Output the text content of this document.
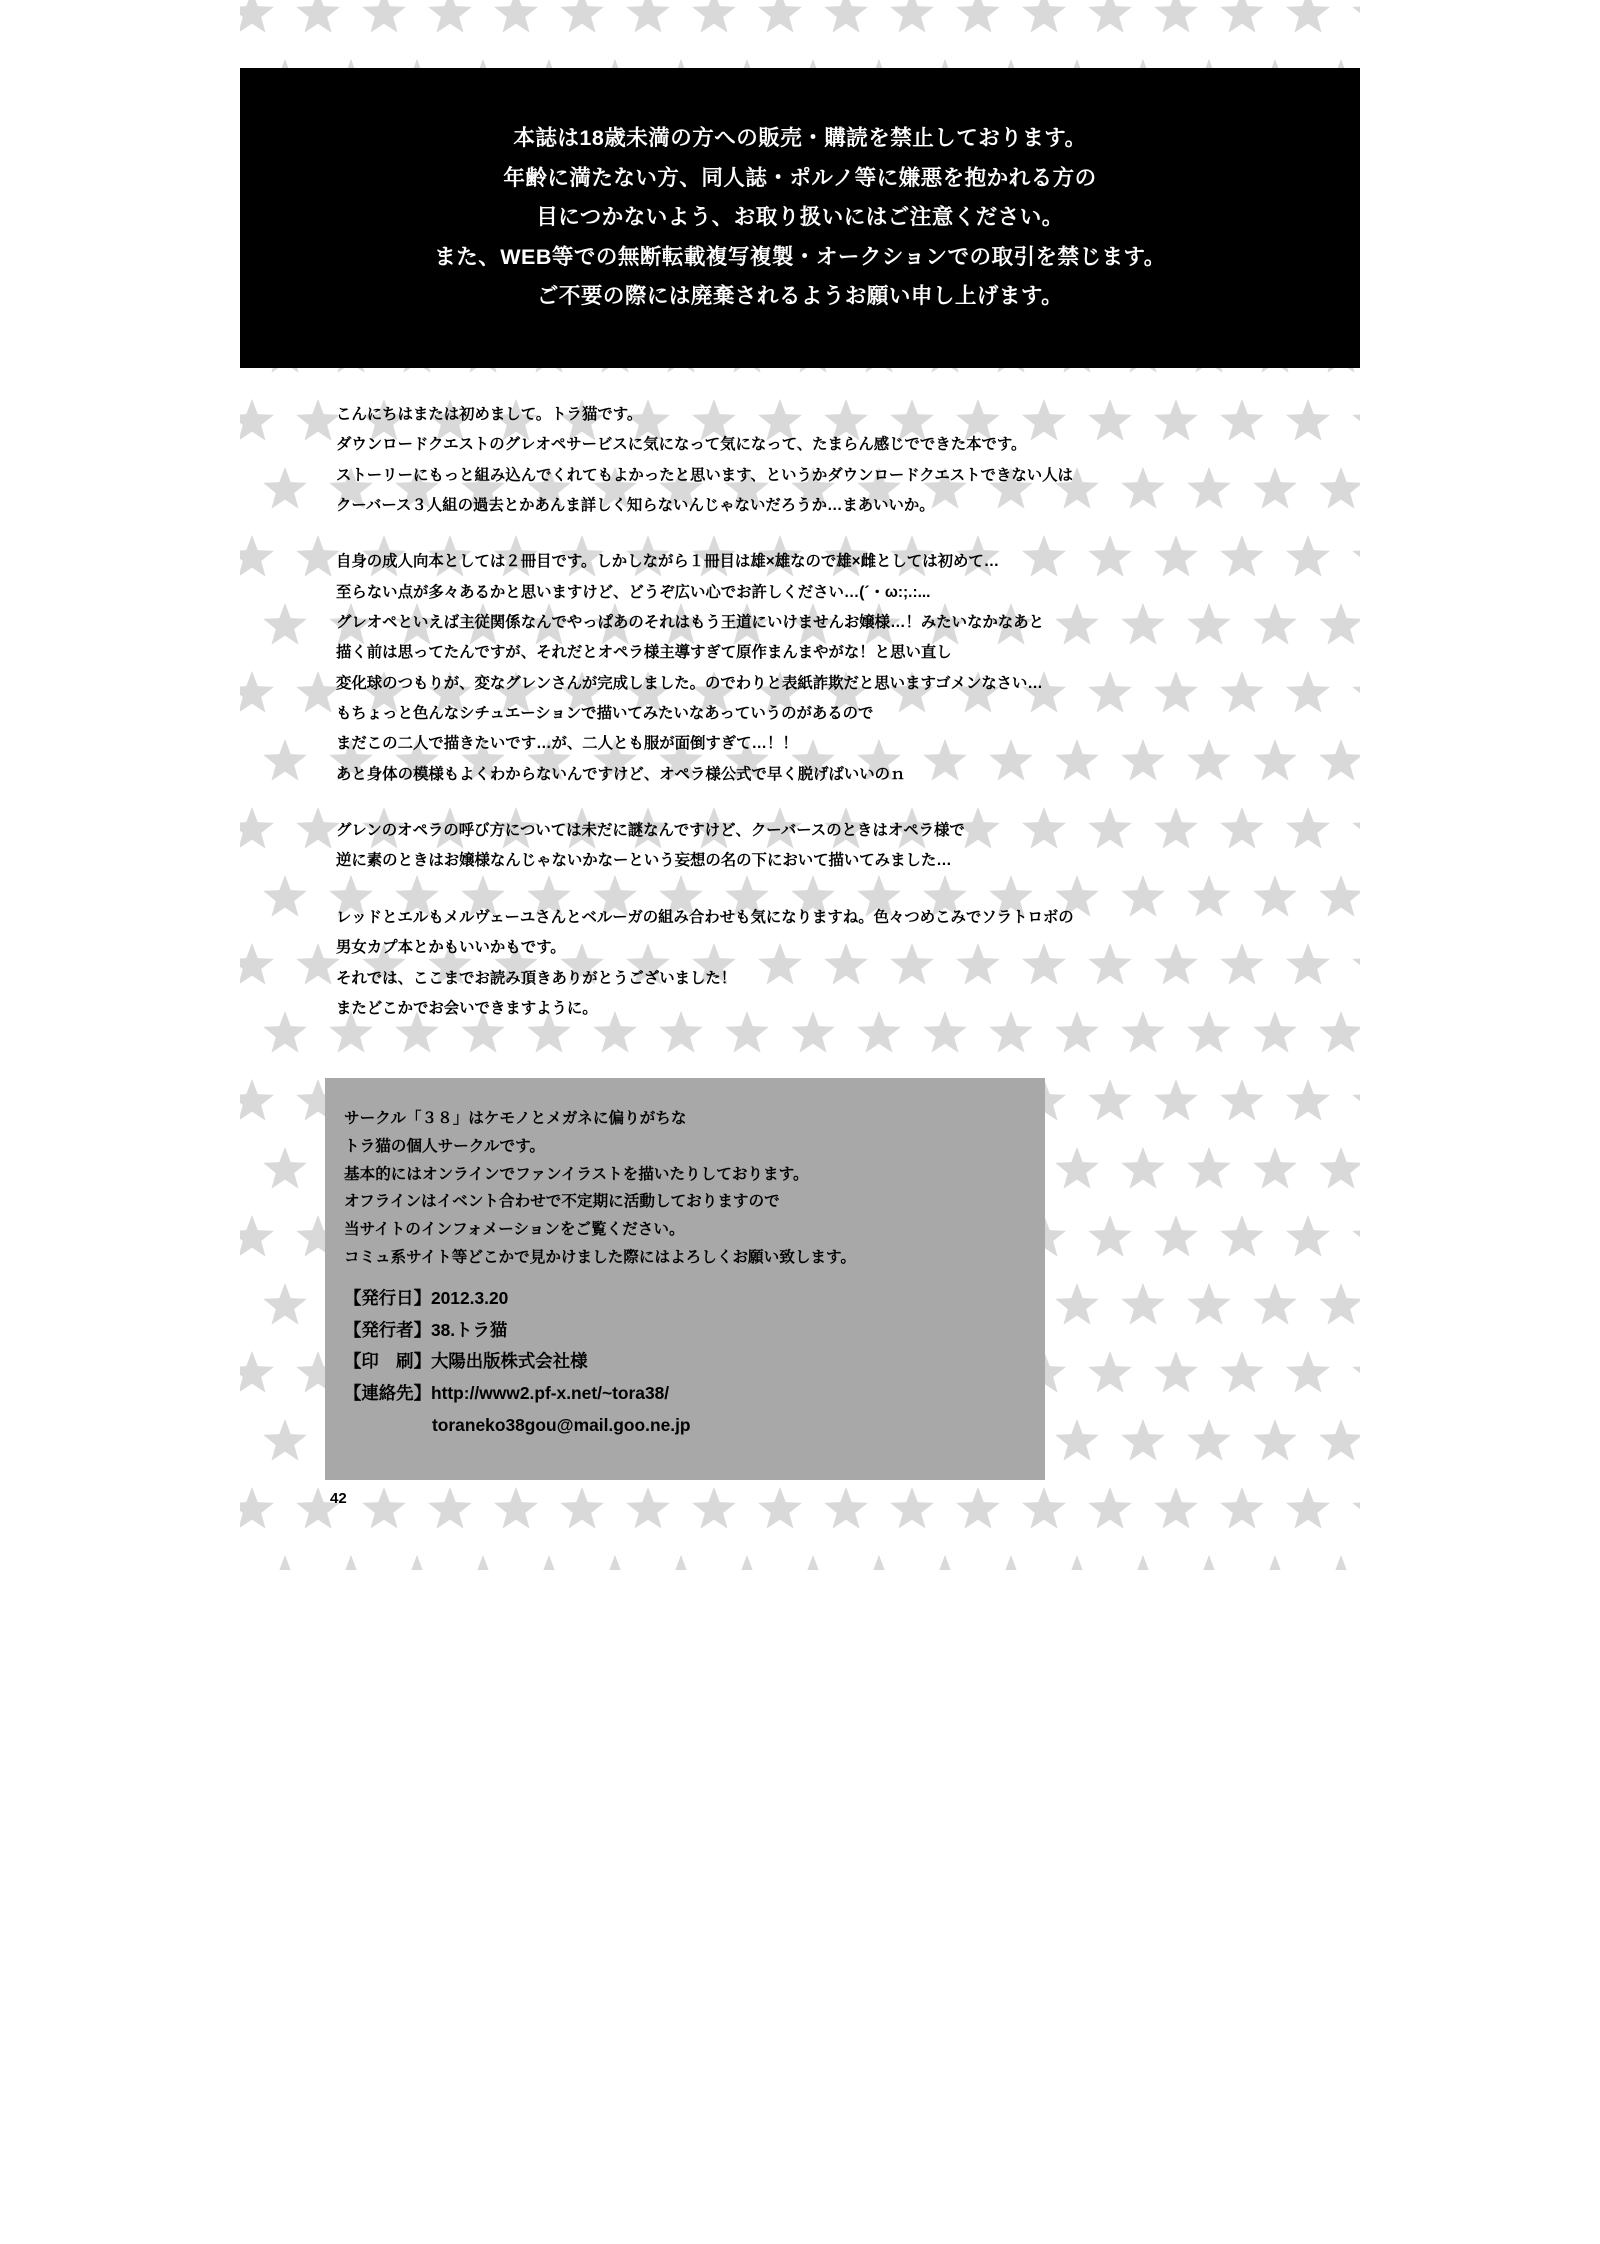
本誌は18歳未満の方への販売・購読を禁止しております。
年齢に満たない方、同人誌・ポルノ等に嫌悪を抱かれる方の
目につかないよう、お取り扱いにはご注意ください。
また、WEB等での無断転載複写複製・オークションでの取引を禁じます。
ご不要の際には廃棄されるようお願い申し上げます。
こんにちはまたは初めまして。トラ猫です。
ダウンロードクエストのグレオペサービスに気になって気になって、たまらん感じでできた本です。
ストーリーにもっと組み込んでくれてもよかったと思います、というかダウンロードクエストできない人は
クーバース３人組の過去とかあんま詳しく知らないんじゃないだろうか…まあいいか。
自身の成人向本としては２冊目です。しかしながら１冊目は雄×雄なので雄×雌としては初めて…
至らない点が多々あるかと思いますけど、どうぞ広い心でお許しください…(´・ω:;.:...
グレオペといえば主従関係なんでやっぱあのそれはもう王道にいけませんお嬢様…！みたいなかなあと
描く前は思ってたんですが、それだとオペラ様主導すぎて原作まんまやがな！と思い直し
変化球のつもりが、変なグレンさんが完成しました。のでわりと表紙詐欺だと思いますゴメンなさい…
もちょっと色んなシチュエーションで描いてみたいなあっていうのがあるので
まだこの二人で描きたいです…が、二人とも服が面倒すぎて…！！
あと身体の模様もよくわからないんですけど、オペラ様公式で早く脱げばいいのｎ
グレンのオペラの呼び方については未だに謎なんですけど、クーバースのときはオペラ様で
逆に素のときはお嬢様なんじゃないかなーという妄想の名の下において描いてみました…
レッドとエルもメルヴェーユさんとベルーガの組み合わせも気になりますね。色々つめこみでソラトロボの
男女カプ本とかもいいかもです。
それでは、ここまでお読み頂きありがとうございました！
またどこかでお会いできますように。
サークル「３８」はケモノとメガネに偏りがちな
トラ猫の個人サークルです。
基本的にはオンラインでファンイラストを描いたりしております。
オフラインはイベント合わせで不定期に活動しておりますので
当サイトのインフォメーションをご覧ください。
コミュ系サイト等どこかで見かけました際にはよろしくお願い致します。
【発行日】2012.3.20
【発行者】38.トラ猫
【印　刷】大陽出版株式会社様
【連絡先】http://www2.pf-x.net/~tora38/
toraneko38gou@mail.goo.ne.jp
42
